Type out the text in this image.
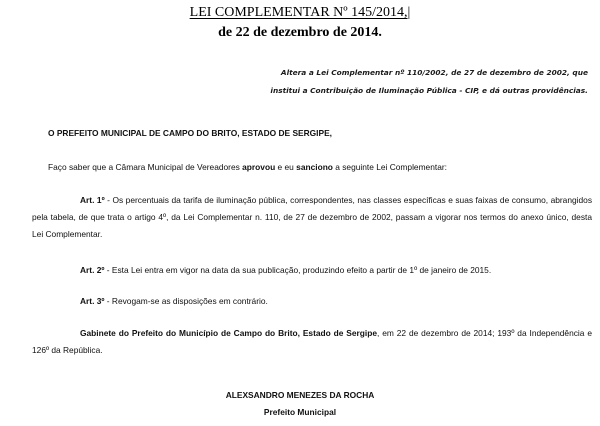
LEI COMPLEMENTAR Nº 145/2014,|
de 22 de dezembro de 2014.
Altera a Lei Complementar nº 110/2002, de 27 de dezembro de 2002, que
institui a Contribuição de Iluminação Pública - CIP, e dá outras providências.
O PREFEITO MUNICIPAL DE CAMPO DO BRITO, ESTADO DE SERGIPE,
Faço saber que a Câmara Municipal de Vereadores aprovou e eu sanciono a seguinte Lei Complementar:
Art. 1º - Os percentuais da tarifa de iluminação pública, correspondentes, nas classes específicas e suas faixas de consumo, abrangidos pela tabela, de que trata o artigo 4º, da Lei Complementar n. 110, de 27 de dezembro de 2002, passam a vigorar nos termos do anexo único, desta Lei Complementar.
Art. 2º - Esta Lei entra em vigor na data da sua publicação, produzindo efeito a partir de 1º de janeiro de 2015.
Art. 3º - Revogam-se as disposições em contrário.
Gabinete do Prefeito do Município de Campo do Brito, Estado de Sergipe, em 22 de dezembro de 2014; 193º da Independência e 126º da República.
ALEXSANDRO MENEZES DA ROCHA
Prefeito Municipal
